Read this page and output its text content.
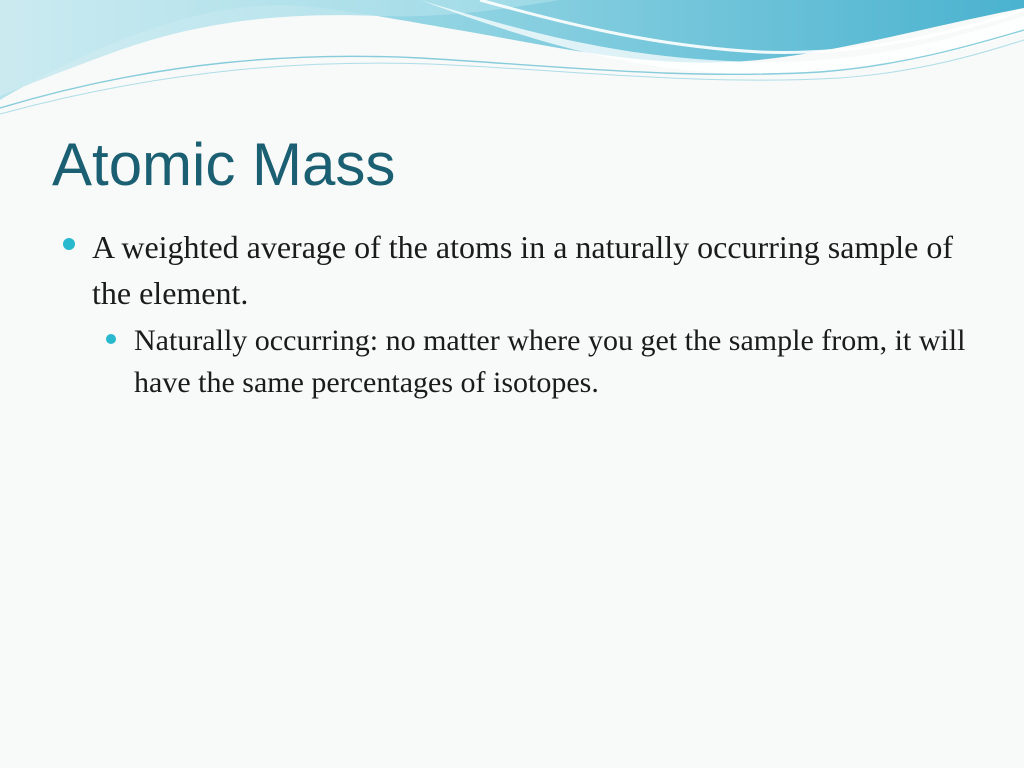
Atomic Mass

A weighted average of the atoms in a naturally occurring sample of the element.

Naturally occurring: no matter where you get the sample from, it will have the same percentages of isotopes.
